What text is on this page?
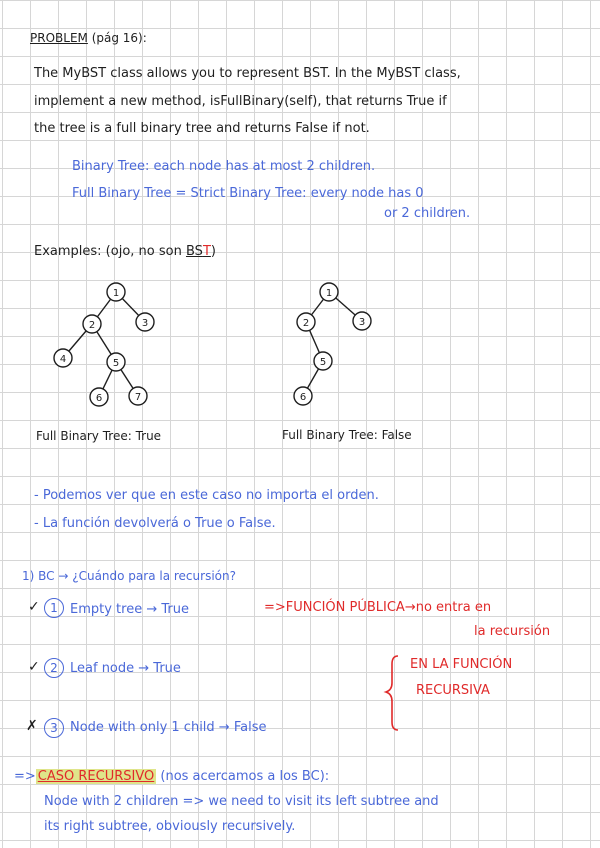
PROBLEM (pág 16):
The MyBST class allows you to represent BST. In the MyBST class,
implement a new method, isFullBinary(self), that returns True if
the tree is a full binary tree and returns False if not.
Binary Tree: each node has at most 2 children.
Full Binary Tree = Strict Binary Tree: every node has 0
or 2 children.
Examples: (ojo, no son BST)
1
2	3
4	5
6	7
1
2	3
5
6
Full Binary Tree: True	Full Binary Tree: False
- Podemos ver que en este caso no importa el orden.
- La función devolverá o True o False.
1) BC → ¿Cuándo para la recursión?
✓ 1 Empty tree → True	=>FUNCIÓN PÚBLICA→no entra en
la recursión
✓ 2 Leaf node → True	EN LA FUNCIÓN
RECURSIVA
✗	3 Node with only 1 child → False
=> CASO RECURSIVO (nos acercamos a los BC):
Node with 2 children => we need to visit its left subtree and
its right subtree, obviously recursively.
